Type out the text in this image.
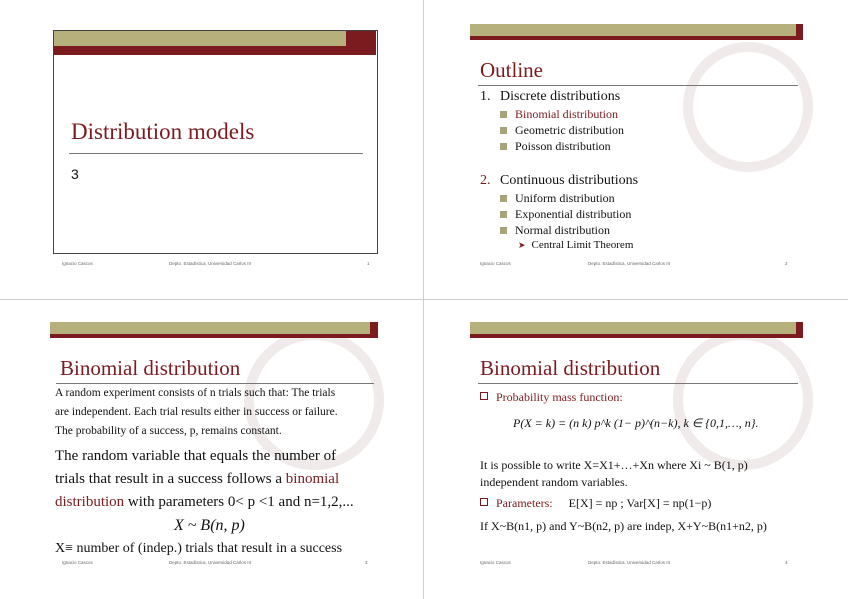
Distribution models
3
Ignacio Cascos	Depto. Estadística, Universidad Carlos III	1
Outline
1. Discrete distributions
Binomial distribution
Geometric distribution
Poisson distribution
2. Continuous distributions
Uniform distribution
Exponential distribution
Normal distribution
➤ Central Limit Theorem
Ignacio Cascos	Depto. Estadística, Universidad Carlos III	2
Binomial distribution
A random experiment consists of n trials such that: The trials
are independent. Each trial results either in success or failure.
The probability of a success, p, remains constant.
The random variable that equals the number of
trials that result in a success follows a binomial
distribution with parameters 0< p <1 and n=1,2,...
X ~ B(n, p)
X≡ number of (indep.) trials that result in a success
Ignacio Cascos	Depto. Estadística, Universidad Carlos III	3
Binomial distribution
Probability mass function:
P(X = k) = (n k) p^k (1− p)^(n−k), k ∈ {0,1,…, n}.
It is possible to write X=X1+…+Xn where Xi ~ B(1, p)
independent random variables.
Parameters: E[X] = np ; Var[X] = np(1−p)
If X~B(n1, p) and Y~B(n2, p) are indep, X+Y~B(n1+n2, p)
Ignacio Cascos	Depto. Estadística, Universidad Carlos III	4
